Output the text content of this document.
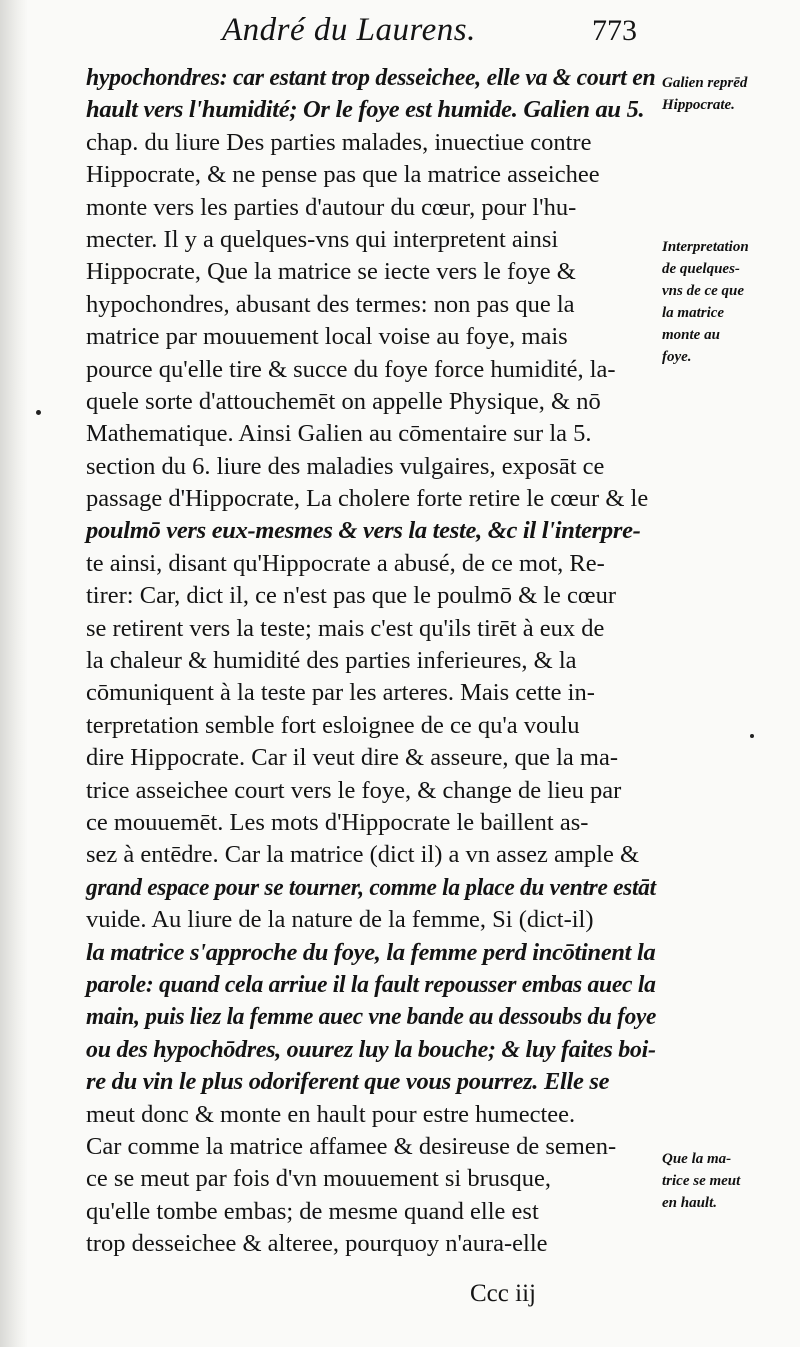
André du Laurens.	773
hypochondres: car estant trop desseichee, elle va & court en
hault vers l'humidité; Or le foye est humide. Galien au 5.
chap. du liure Des parties malades, inuectiue contre
Hippocrate, & ne pense pas que la matrice asseichee
monte vers les parties d'autour du cœur, pour l'hu-
mecter. Il y a quelques-vns qui interpretent ainsi
Hippocrate, Que la matrice se iecte vers le foye &
hypochondres, abusant des termes: non pas que la
matrice par mouuement local voise au foye, mais
pource qu'elle tire & succe du foye force humidité, la-
quele sorte d'attouchemēt on appelle Physique, & nō
Mathematique. Ainsi Galien au cōmentaire sur la 5.
section du 6. liure des maladies vulgaires, exposāt ce
passage d'Hippocrate, La cholere forte retire le cœur & le
poulmō vers eux-mesmes & vers la teste, &c il l'interpre-
te ainsi, disant qu'Hippocrate a abusé, de ce mot, Re-
tirer: Car, dict il, ce n'est pas que le poulmō & le cœur
se retirent vers la teste; mais c'est qu'ils tirēt à eux de
la chaleur & humidité des parties inferieures, & la
cōmuniquent à la teste par les arteres. Mais cette in-
terpretation semble fort esloignee de ce qu'a voulu
dire Hippocrate. Car il veut dire & asseure, que la ma-
trice asseichee court vers le foye, & change de lieu par
ce mouuemēt. Les mots d'Hippocrate le baillent as-
sez à entēdre. Car la matrice (dict il) a vn assez ample &
grand espace pour se tourner, comme la place du ventre estāt
vuide. Au liure de la nature de la femme, Si (dict-il)
la matrice s'approche du foye, la femme perd incōtinent la
parole: quand cela arriue il la fault repousser embas auec la
main, puis liez la femme auec vne bande au dessoubs du foye
ou des hypochōdres, ouurez luy la bouche; & luy faites boi-
re du vin le plus odoriferent que vous pourrez. Elle se
meut donc & monte en hault pour estre humectee.
Car comme la matrice affamee & desireuse de semen-
ce se meut par fois d'vn mouuement si brusque,
qu'elle tombe embas; de mesme quand elle est
trop desseichee & alteree, pourquoy n'aura-elle
Galien reprēd
Hippocrate.
Interpretation
de quelques-
vns de ce que
la matrice
monte au
foye.
Que la ma-
trice se meut
en hault.
Ccc iij
